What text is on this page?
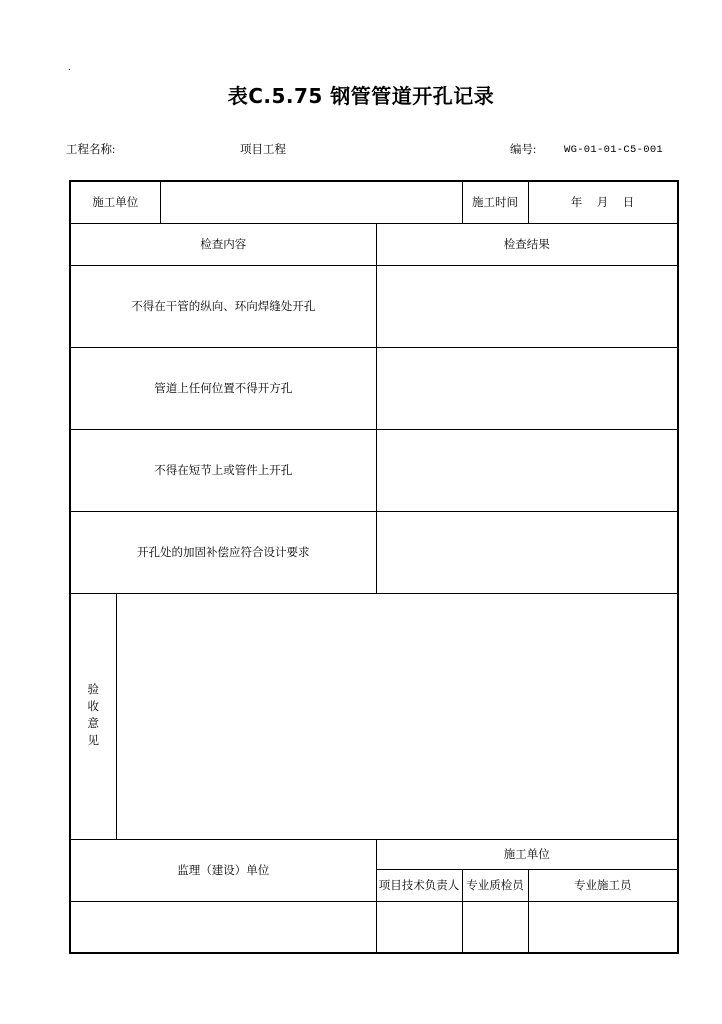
.
表C.5.75 钢管管道开孔记录
工程名称:	项目工程	编号:	WG-01-01-C5-001
施工单位				施工时间	年 月 日
检查内容			检查结果		
不得在干管的纵向、环向焊缝处开孔					
管道上任何位置不得开方孔					
不得在短节上或管件上开孔					
开孔处的加固补偿应符合设计要求					

验收意见					

监理（建设）单位			施工单位		
			项目技术负责人	专业质检员	专业施工员
